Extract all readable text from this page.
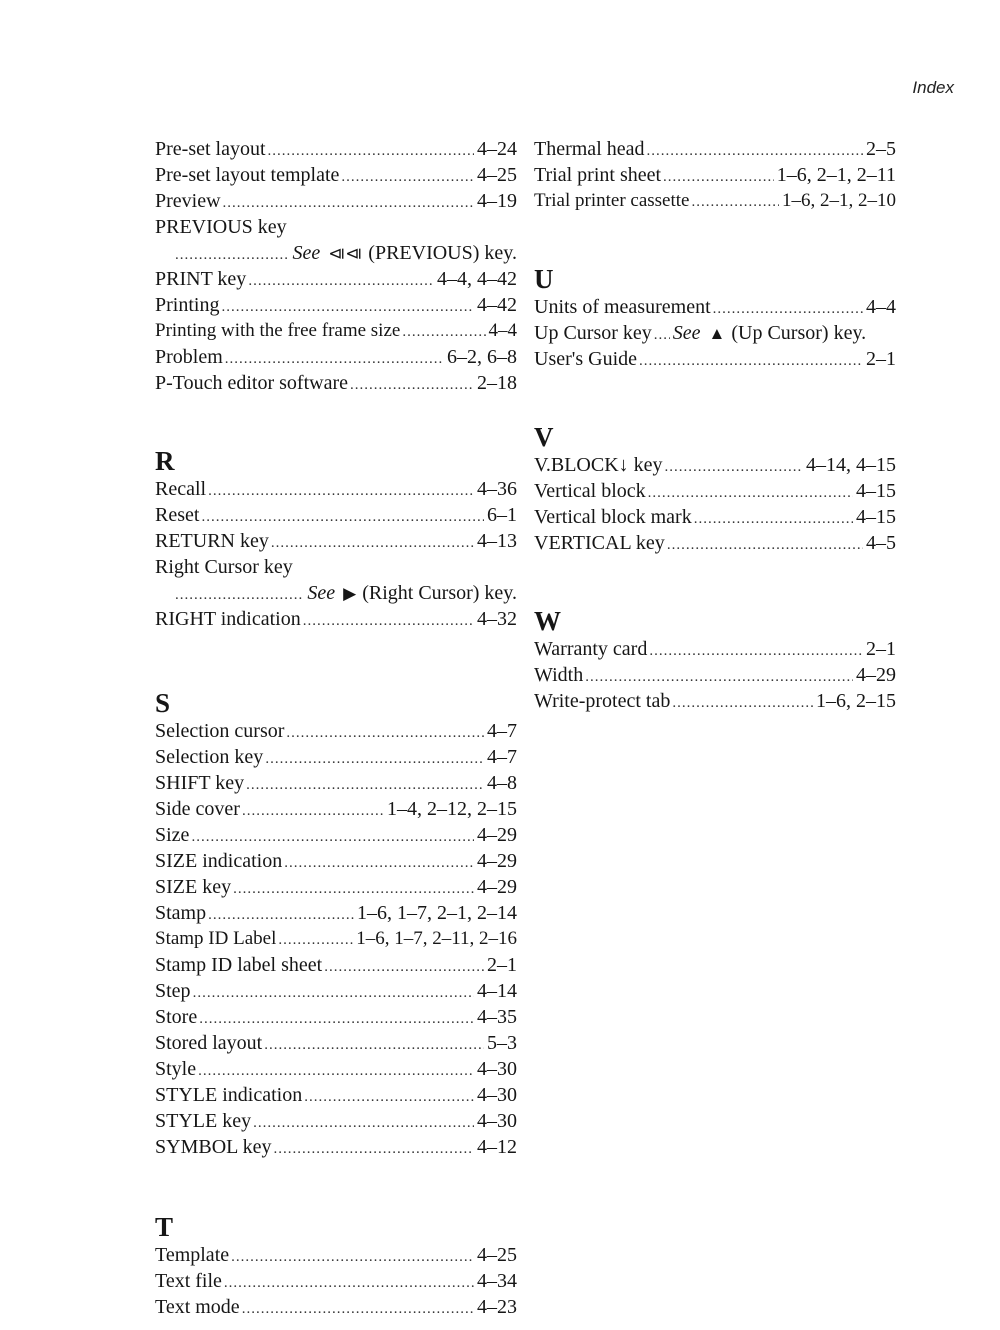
Index
Pre-set layout .....	4–24
Pre-set layout template .....	4–25
Preview .....	4–19
PREVIOUS key
.....
See ⧏⧏ (PREVIOUS) key.
PRINT key .....	4–4, 4–42
Printing .....	4–42
Printing with the free frame size .....	4–4
Problem .....	6–2, 6–8
P-Touch editor software .....	2–18
R
Recall .....	4–36
Reset .....	6–1
RETURN key .....	4–13
Right Cursor key
.....
See ▶ (Right Cursor) key.
RIGHT indication .....	4–32
S
Selection cursor .....	4–7
Selection key .....	4–7
SHIFT key .....	4–8
Side cover .....	1–4, 2–12, 2–15
Size .....	4–29
SIZE indication .....	4–29
SIZE key .....	4–29
Stamp .....	1–6, 1–7, 2–1, 2–14
Stamp ID Label .....	1–6, 1–7, 2–11, 2–16
Stamp ID label sheet .....	2–1
Step .....	4–14
Store .....	4–35
Stored layout .....	5–3
Style .....	4–30
STYLE indication .....	4–30
STYLE key .....	4–30
SYMBOL key .....	4–12
T
Template .....	4–25
Text file .....	4–34
Text mode .....	4–23
Thermal head .....	2–5
Trial print sheet .....	1–6, 2–1, 2–11
Trial printer cassette .....	1–6, 2–1, 2–10
U
Units of measurement .....	4–4
Up Cursor key ..... See ▲ (Up Cursor) key.
User's Guide .....	2–1
V
V.BLOCK↓ key .....	4–14, 4–15
Vertical block .....	4–15
Vertical block mark .....	4–15
VERTICAL key .....	4–5
W
Warranty card .....	2–1
Width .....	4–29
Write-protect tab .....	1–6, 2–15
